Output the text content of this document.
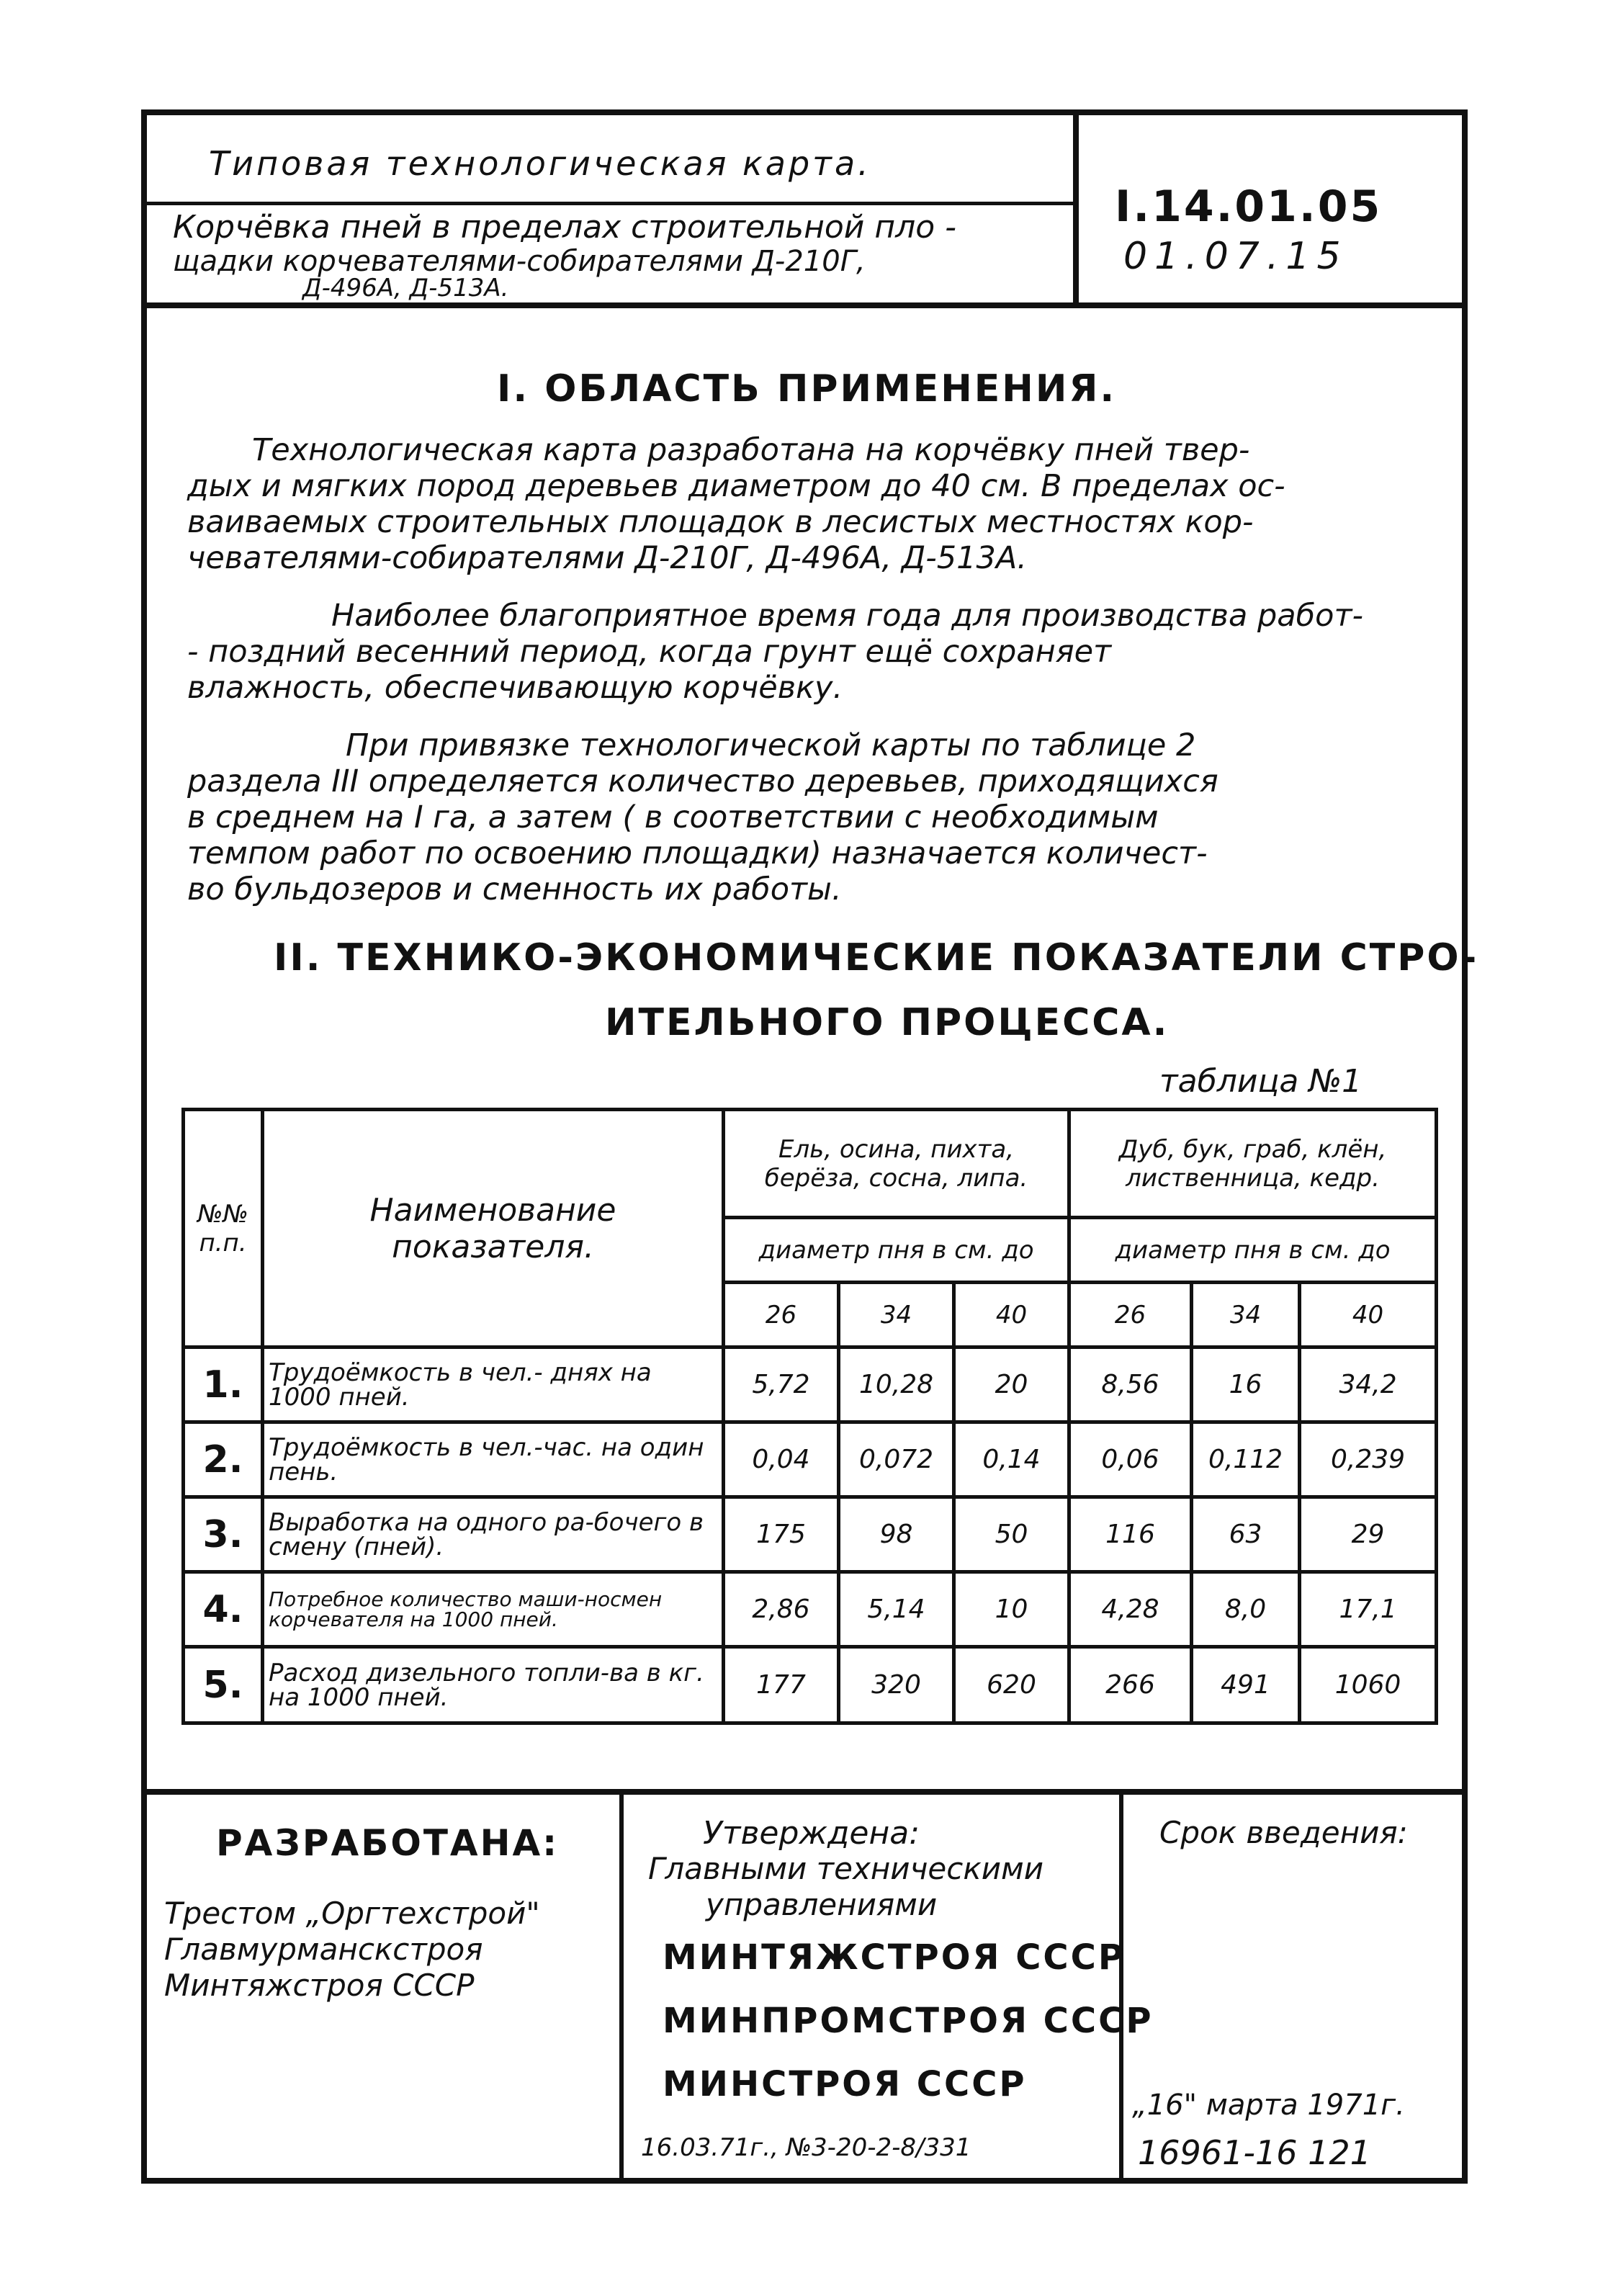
Типовая технологическая карта.
Корчёвка пней в пределах строительной пло -
щадки корчевателями-собирателями Д-210Г,
Д-496А, Д-513А.
I.14.01.05
01.07.15
I. ОБЛАСТЬ ПРИМЕНЕНИЯ.
Технологическая карта разработана на корчёвку пней твер-
дых и мягких пород деревьев диаметром до 40 см. В пределах ос-
ваиваемых строительных площадок в лесистых местностях кор-
чевателями-собирателями Д-210Г, Д-496А, Д-513А.
Наиболее благоприятное время года для производства работ-
- поздний весенний период, когда грунт ещё сохраняет
влажность, обеспечивающую корчёвку.
При привязке технологической карты по таблице 2
раздела III определяется количество деревьев, приходящихся
в среднем на I га, а затем ( в соответствии с необходимым
темпом работ по освоению площадки) назначается количест-
во бульдозеров и сменность их работы.
II. ТЕХНИКО-ЭКОНОМИЧЕСКИЕ ПОКАЗАТЕЛИ СТРО-
ИТЕЛЬНОГО ПРОЦЕССА.
таблица №1
№№ п.п.	Наименование показателя.	Ель, осина, пихта, берёза, сосна, липа.			Дуб, бук, граб, клён, лиственница, кедр.		
		диаметр пня в см. до			диаметр пня в см. до		
		26	34	40	26	34	40
1.	Трудоёмкость в чел.- днях на 1000 пней.	5,72	10,28	20	8,56	16	34,2
2.	Трудоёмкость в чел.-час. на один пень.	0,04	0,072	0,14	0,06	0,112	0,239
3.	Выработка на одного ра-бочего в смену (пней).	175	98	50	116	63	29
4.	Потребное количество маши-носмен корчевателя на 1000 пней.	2,86	5,14	10	4,28	8,0	17,1
5.	Расход дизельного топли-ва в кг. на 1000 пней.	177	320	620	266	491	1060
РАЗРАБОТАНА:
Трестом „Оргтехстрой"
Главмурманскстроя
Минтяжстроя СССР
Утверждена:
Главными техническими
управлениями
МИНТЯЖСТРОЯ СССР
МИНПРОМСТРОЯ СССР
МИНСТРОЯ СССР
16.03.71г., №3-20-2-8/331
Срок введения:
„16" марта 1971г.
16961-16 121
